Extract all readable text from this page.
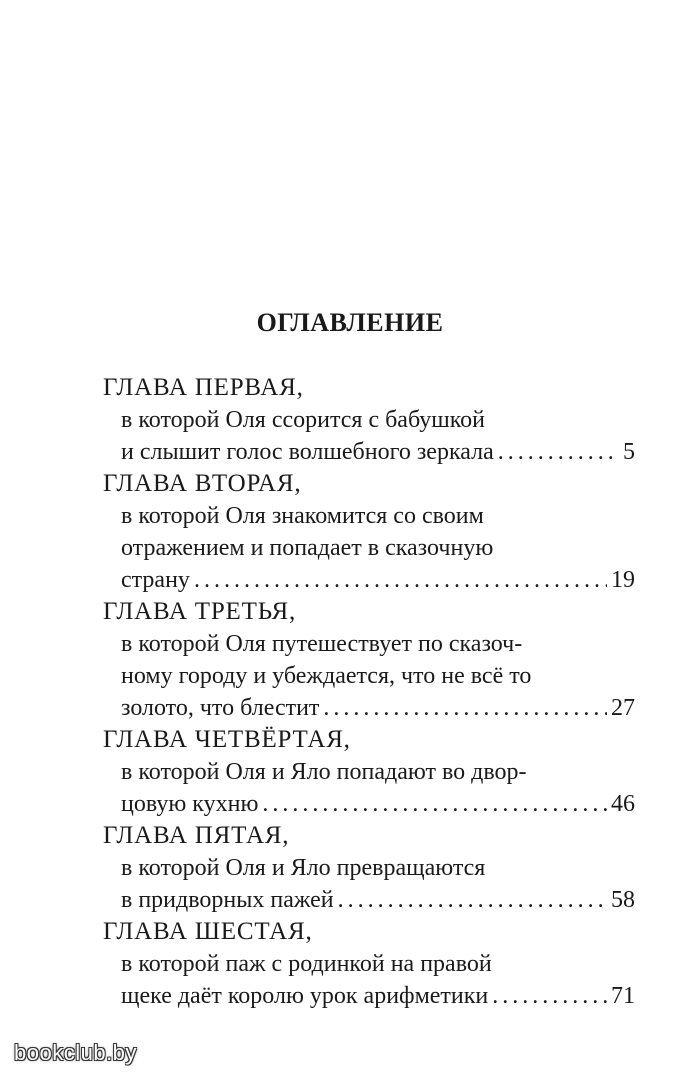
ОГЛАВЛЕНИЕ
ГЛАВА ПЕРВАЯ,
в которой Оля ссорится с бабушкой
и слышит голос волшебного зеркала .....	5
ГЛАВА ВТОРАЯ,
в которой Оля знакомится со своим
отражением и попадает в сказочную
страну .....	19
ГЛАВА ТРЕТЬЯ,
в которой Оля путешествует по сказоч-
ному городу и убеждается, что не всё то
золото, что блестит .....	27
ГЛАВА ЧЕТВЁРТАЯ,
в которой Оля и Яло попадают во двор-
цовую кухню .....	46
ГЛАВА ПЯТАЯ,
в которой Оля и Яло превращаются
в придворных пажей .....	58
ГЛАВА ШЕСТАЯ,
в которой паж с родинкой на правой
щеке даёт королю урок арифметики .....	71
bookclub.by
